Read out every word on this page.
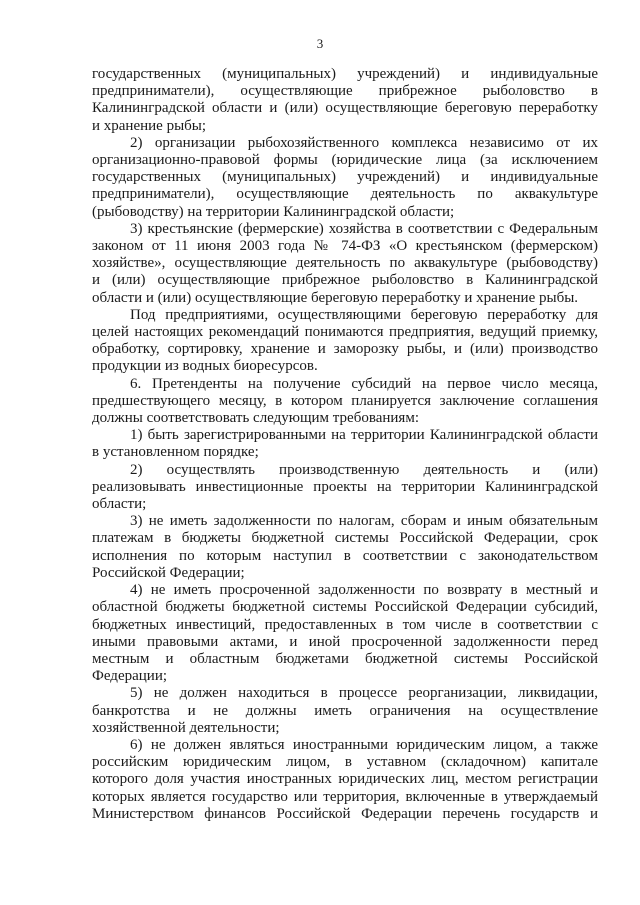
3
государственных (муниципальных) учреждений) и индивидуальные
предприниматели), осуществляющие прибрежное рыболовство в
Калининградской области и (или) осуществляющие береговую переработку
и хранение рыбы;
2) организации рыбохозяйственного комплекса независимо от их
организационно-правовой формы (юридические лица (за исключением
государственных (муниципальных) учреждений) и индивидуальные
предприниматели), осуществляющие деятельность по аквакультуре
(рыбоводству) на территории Калининградской области;
3) крестьянские (фермерские) хозяйства в соответствии с Федеральным
законом от 11 июня 2003 года № 74-ФЗ «О крестьянском (фермерском)
хозяйстве», осуществляющие деятельность по аквакультуре (рыбоводству)
и (или) осуществляющие прибрежное рыболовство в Калининградской
области и (или) осуществляющие береговую переработку и хранение рыбы.
Под предприятиями, осуществляющими береговую переработку для
целей настоящих рекомендаций понимаются предприятия, ведущий приемку,
обработку, сортировку, хранение и заморозку рыбы, и (или) производство
продукции из водных биоресурсов.
6. Претенденты на получение субсидий на первое число месяца,
предшествующего месяцу, в котором планируется заключение соглашения
должны соответствовать следующим требованиям:
1) быть зарегистрированными на территории Калининградской области
в установленном порядке;
2) осуществлять производственную деятельность и (или)
реализовывать инвестиционные проекты на территории Калининградской
области;
3) не иметь задолженности по налогам, сборам и иным обязательным
платежам в бюджеты бюджетной системы Российской Федерации, срок
исполнения по которым наступил в соответствии с законодательством
Российской Федерации;
4) не иметь просроченной задолженности по возврату в местный и
областной бюджеты бюджетной системы Российской Федерации субсидий,
бюджетных инвестиций, предоставленных в том числе в соответствии с
иными правовыми актами, и иной просроченной задолженности перед
местным и областным бюджетами бюджетной системы Российской
Федерации;
5) не должен находиться в процессе реорганизации, ликвидации,
банкротства и не должны иметь ограничения на осуществление
хозяйственной деятельности;
6) не должен являться иностранными юридическим лицом, а также
российским юридическим лицом, в уставном (складочном) капитале
которого доля участия иностранных юридических лиц, местом регистрации
которых является государство или территория, включенные в утверждаемый
Министерством финансов Российской Федерации перечень государств и
